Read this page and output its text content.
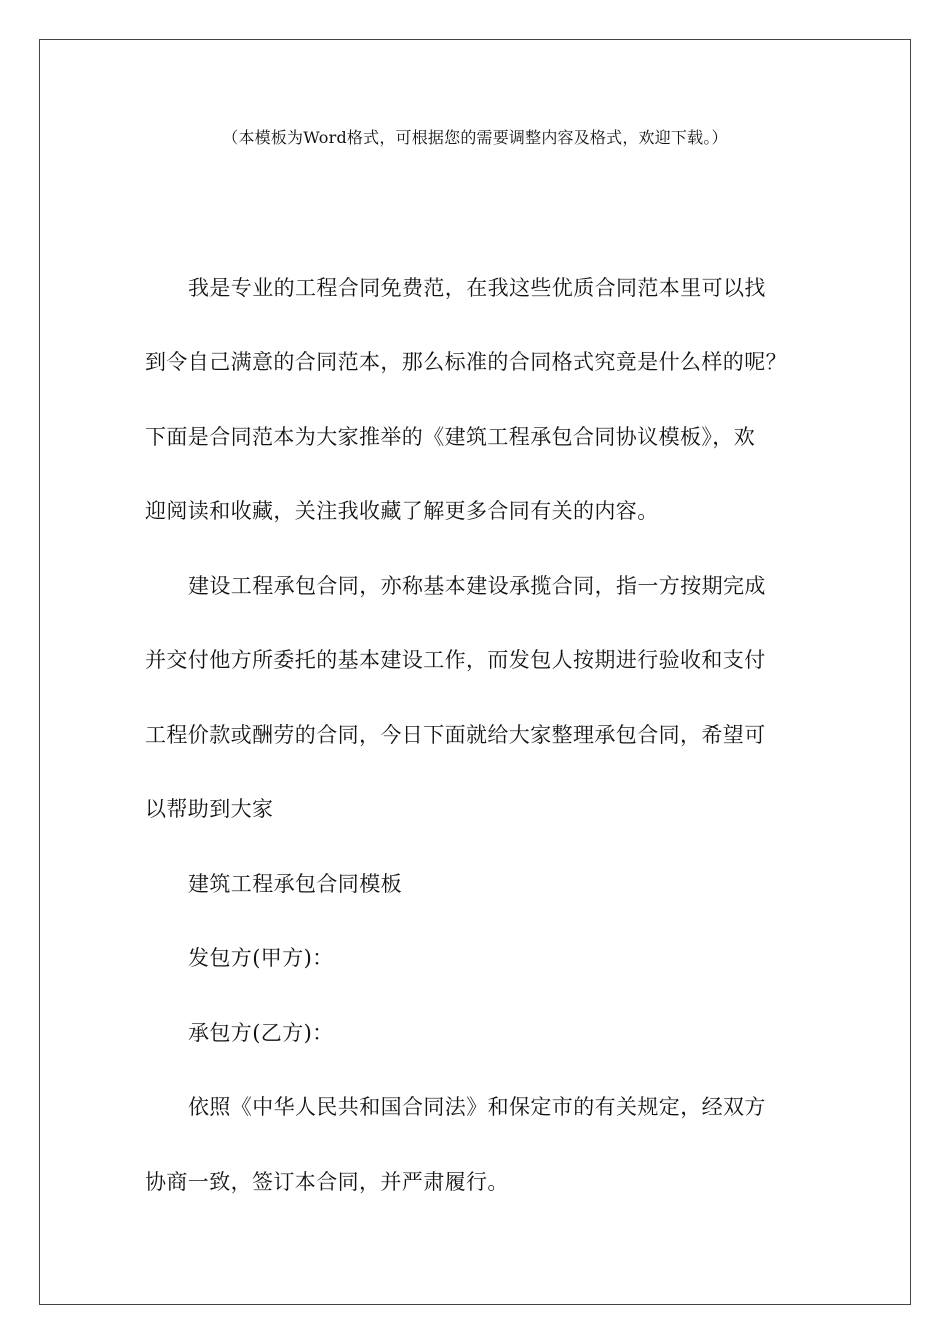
（本模板为Word格式，可根据您的需要调整内容及格式，欢迎下载。）
我是专业的工程合同免费范，在我这些优质合同范本里可以找
到令自己满意的合同范本，那么标准的合同格式究竟是什么样的呢？
下面是合同范本为大家推举的《建筑工程承包合同协议模板》，欢
迎阅读和收藏，关注我收藏了解更多合同有关的内容。
建设工程承包合同，亦称基本建设承揽合同，指一方按期完成
并交付他方所委托的基本建设工作，而发包人按期进行验收和支付
工程价款或酬劳的合同，今日下面就给大家整理承包合同，希望可
以帮助到大家
建筑工程承包合同模板
发包方(甲方)：
承包方(乙方)：
依照《中华人民共和国合同法》和保定市的有关规定，经双方
协商一致，签订本合同，并严肃履行。
